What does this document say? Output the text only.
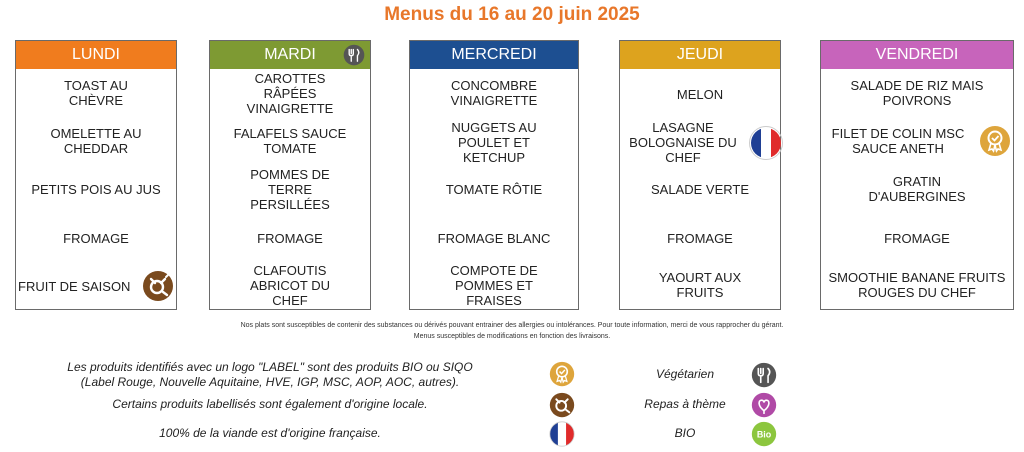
Menus du 16 au 20 juin 2025
LUNDI
TOAST AU CHÈVRE
OMELETTE AU CHEDDAR
PETITS POIS AU JUS
FROMAGE
FRUIT DE SAISON
MARDI
CAROTTES RÂPÉES VINAIGRETTE
FALAFELS SAUCE TOMATE
POMMES DE TERRE PERSILLÉES
FROMAGE
CLAFOUTIS ABRICOT DU CHEF
MERCREDI
CONCOMBRE VINAIGRETTE
NUGGETS AU POULET ET KETCHUP
TOMATE RÔTIE
FROMAGE BLANC
COMPOTE DE POMMES ET FRAISES
JEUDI
MELON
LASAGNE BOLOGNAISE DU CHEF
SALADE VERTE
FROMAGE
YAOURT AUX FRUITS
VENDREDI
SALADE DE RIZ MAIS POIVRONS
FILET DE COLIN MSC SAUCE ANETH
GRATIN D'AUBERGINES
FROMAGE
SMOOTHIE BANANE FRUITS ROUGES DU CHEF
Nos plats sont susceptibles de contenir des substances ou dérivés pouvant entrainer des allergies ou intolérances. Pour toute information, merci de vous rapprocher du gérant.
Menus susceptibles de modifications en fonction des livraisons.
Les produits identifiés avec un logo "LABEL" sont des produits BIO ou SIQO
(Label Rouge, Nouvelle Aquitaine, HVE, IGP, MSC, AOP, AOC, autres).
Certains produits labellisés sont également d'origine locale.
100% de la viande est d'origine française.
Végétarien
Repas à thème
BIO	Bio
